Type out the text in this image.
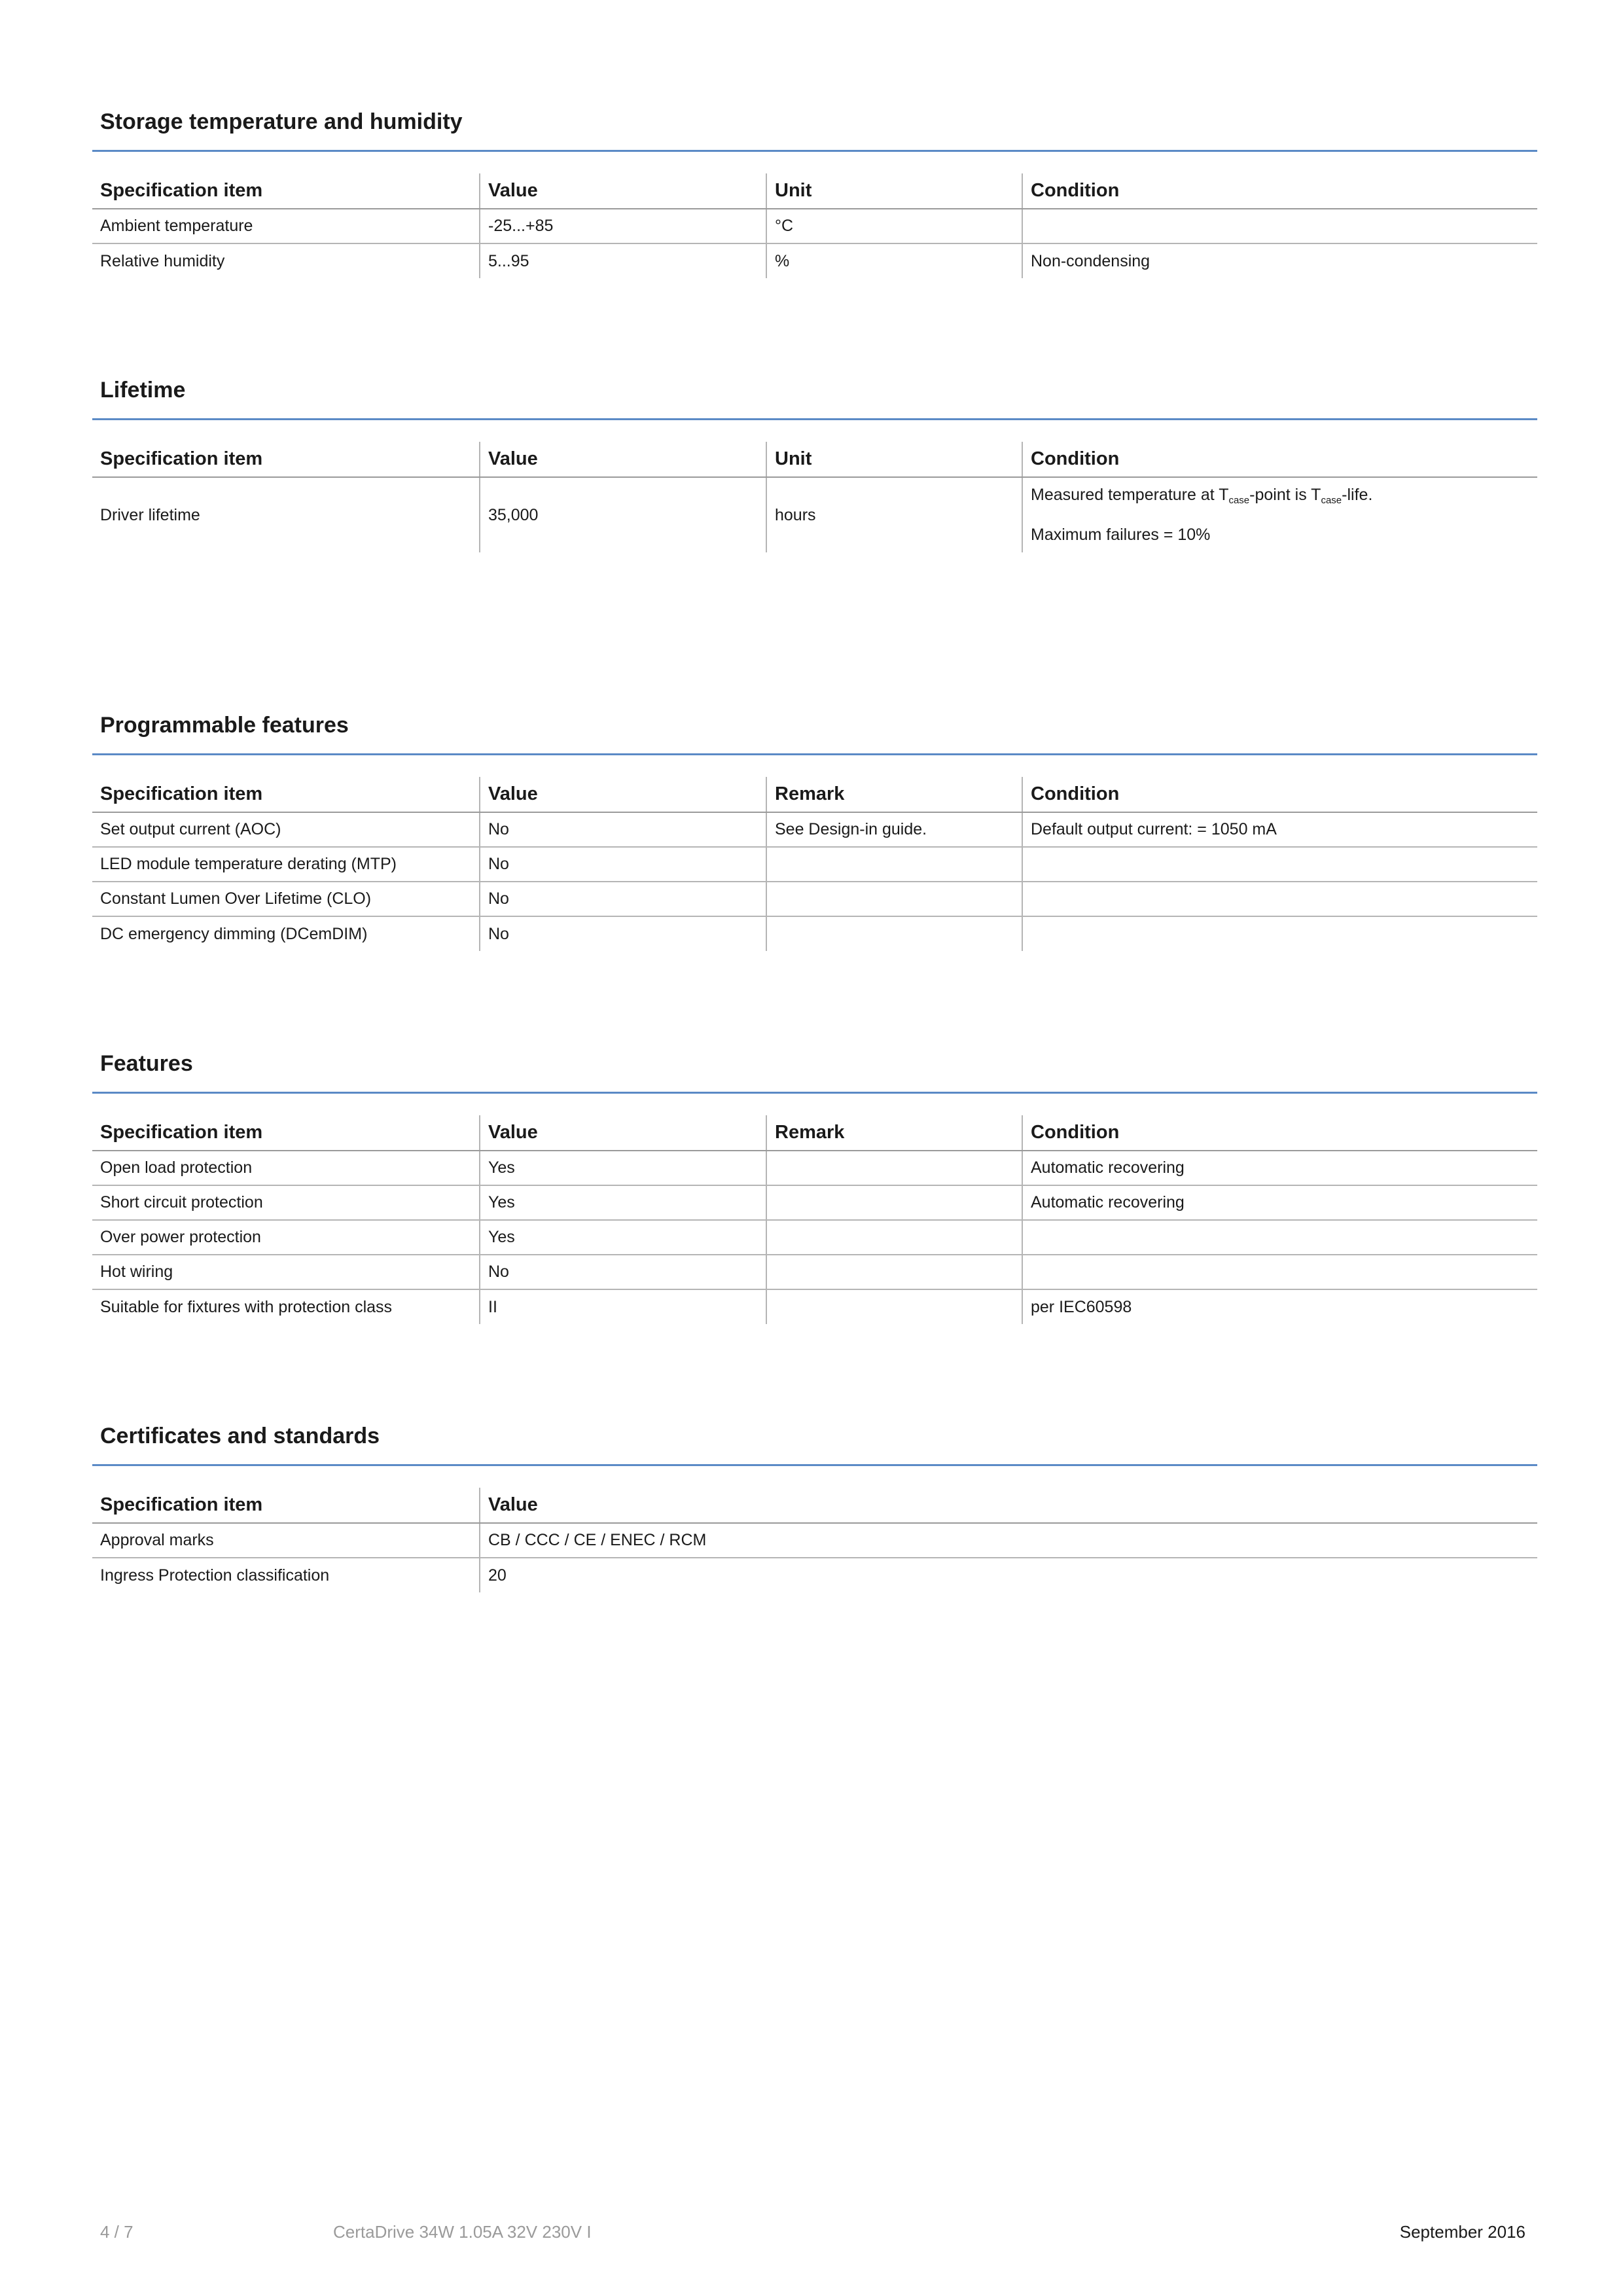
Storage temperature and humidity
Specification item	Value	Unit	Condition
Ambient temperature	-25...+85	°C	
Relative humidity	5...95	%	Non-condensing
Lifetime
Specification item	Value	Unit	Condition

Driver lifetime	35,000	hours	Measured temperature at $T_{case}$-point is $T_{case}$-life.
Maximum failures = 10%
Programmable features
Specification item	Value	Remark	Condition
Set output current (AOC)	No	See Design-in guide.	Default output current: = 1050 mA
LED module temperature derating (MTP)	No		
Constant Lumen Over Lifetime (CLO)	No		
DC emergency dimming (DCemDIM)	No		
Features
Specification item	Value	Remark	Condition
Open load protection	Yes		Automatic recovering
Short circuit protection	Yes		Automatic recovering
Over power protection	Yes		
Hot wiring	No		
Suitable for fixtures with protection class	II		per IEC60598
Certificates and standards
Specification item	Value
Approval marks	CB / CCC / CE / ENEC / RCM
Ingress Protection classification	20
4 / 7	CertaDrive 34W 1.05A 32V 230V I	September 2016
